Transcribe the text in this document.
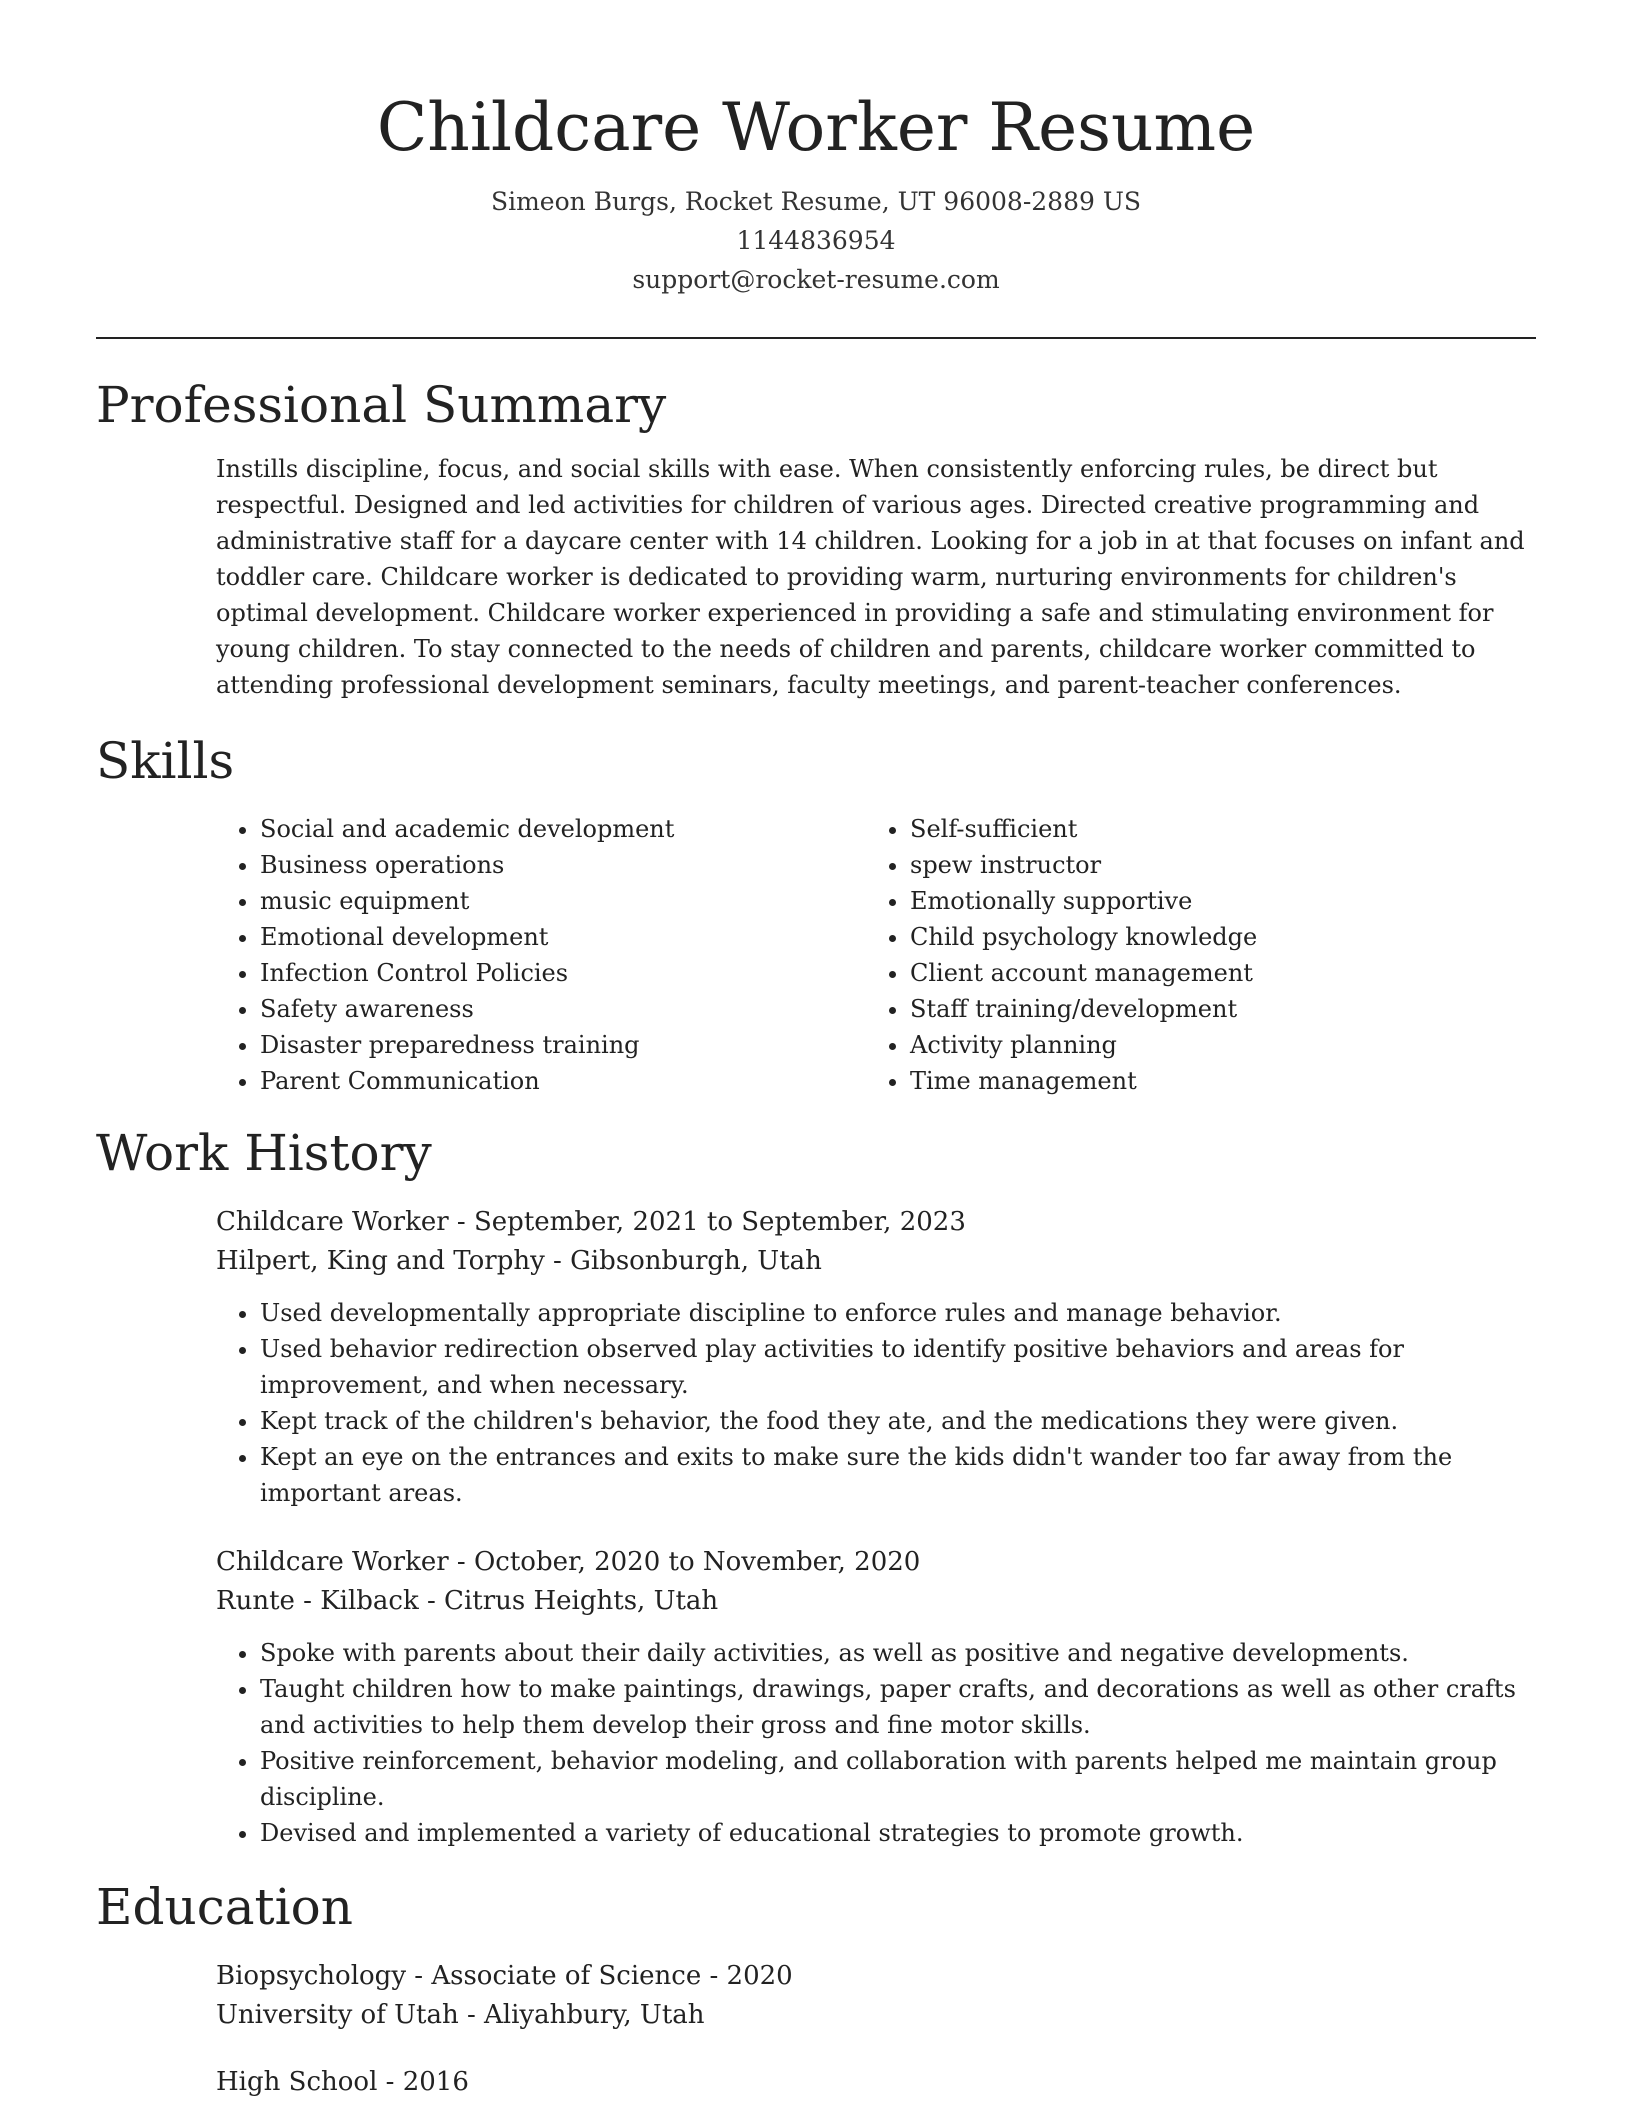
Childcare Worker Resume
Simeon Burgs, Rocket Resume, UT 96008-2889 US
1144836954
support@rocket-resume.com
Professional Summary
Instills discipline, focus, and social skills with ease. When consistently enforcing rules, be direct but respectful. Designed and led activities for children of various ages. Directed creative programming and administrative staff for a daycare center with 14 children. Looking for a job in at that focuses on infant and toddler care. Childcare worker is dedicated to providing warm, nurturing environments for children's optimal development. Childcare worker experienced in providing a safe and stimulating environment for young children. To stay connected to the needs of children and parents, childcare worker committed to attending professional development seminars, faculty meetings, and parent-teacher conferences.
Skills
• Social and academic development
• Business operations
• music equipment
• Emotional development
• Infection Control Policies
• Safety awareness
• Disaster preparedness training
• Parent Communication
• Self-sufficient
• spew instructor
• Emotionally supportive
• Child psychology knowledge
• Client account management
• Staff training/development
• Activity planning
• Time management
Work History
Childcare Worker - September, 2021 to September, 2023
Hilpert, King and Torphy - Gibsonburgh, Utah
• Used developmentally appropriate discipline to enforce rules and manage behavior.
• Used behavior redirection observed play activities to identify positive behaviors and areas for improvement, and when necessary.
• Kept track of the children's behavior, the food they ate, and the medications they were given.
• Kept an eye on the entrances and exits to make sure the kids didn't wander too far away from the important areas.
Childcare Worker - October, 2020 to November, 2020
Runte - Kilback - Citrus Heights, Utah
• Spoke with parents about their daily activities, as well as positive and negative developments.
• Taught children how to make paintings, drawings, paper crafts, and decorations as well as other crafts and activities to help them develop their gross and fine motor skills.
• Positive reinforcement, behavior modeling, and collaboration with parents helped me maintain group discipline.
• Devised and implemented a variety of educational strategies to promote growth.
Education
Biopsychology - Associate of Science - 2020
University of Utah - Aliyahbury, Utah
High School - 2016
